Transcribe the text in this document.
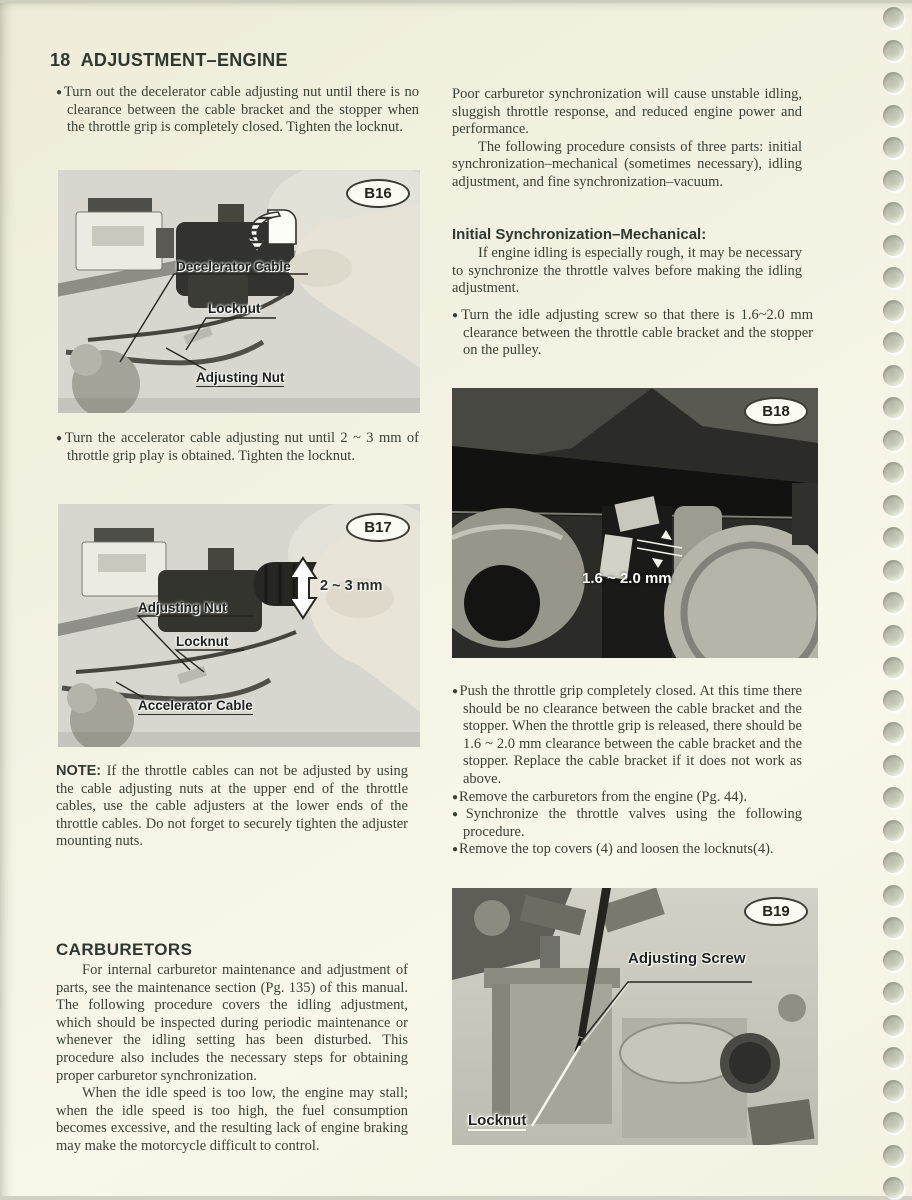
18 ADJUSTMENT–ENGINE

●Turn out the decelerator cable adjusting nut until there is no clearance between the cable bracket and the stopper when the throttle grip is completely closed. Tighten the locknut.

B16
Decelerator Cable
Locknut
Adjusting Nut

●Turn the accelerator cable adjusting nut until 2 ~ 3 mm of throttle grip play is obtained. Tighten the locknut.

B17
Adjusting Nut
Locknut
Accelerator Cable
2 ~ 3 mm

NOTE: If the throttle cables can not be adjusted by using the cable adjusting nuts at the upper end of the throttle cables, use the cable adjusters at the lower ends of the throttle cables. Do not forget to securely tighten the adjuster mounting nuts.

CARBURETORS

For internal carburetor maintenance and adjustment of parts, see the maintenance section (Pg. 135) of this manual. The following procedure covers the idling adjustment, which should be inspected during periodic maintenance or whenever the idling setting has been disturbed. This procedure also includes the necessary steps for obtaining proper carburetor synchronization.

When the idle speed is too low, the engine may stall; when the idle speed is too high, the fuel consumption becomes excessive, and the resulting lack of engine braking may make the motorcycle difficult to control.

Poor carburetor synchronization will cause unstable idling, sluggish throttle response, and reduced engine power and performance.

The following procedure consists of three parts: initial synchronization–mechanical (sometimes necessary), idling adjustment, and fine synchronization–vacuum.

Initial Synchronization–Mechanical:

If engine idling is especially rough, it may be necessary to synchronize the throttle valves before making the idling adjustment.

●Turn the idle adjusting screw so that there is 1.6~2.0 mm clearance between the throttle cable bracket and the stopper on the pulley.

B18
1.6 ~ 2.0 mm

●Push the throttle grip completely closed. At this time there should be no clearance between the cable bracket and the stopper. When the throttle grip is released, there should be 1.6 ~ 2.0 mm clearance between the cable bracket and the stopper. Replace the cable bracket if it does not work as above.

●Remove the carburetors from the engine (Pg. 44).

●Synchronize the throttle valves using the following procedure.

●Remove the top covers (4) and loosen the locknuts(4).

B19
Adjusting Screw
Locknut
